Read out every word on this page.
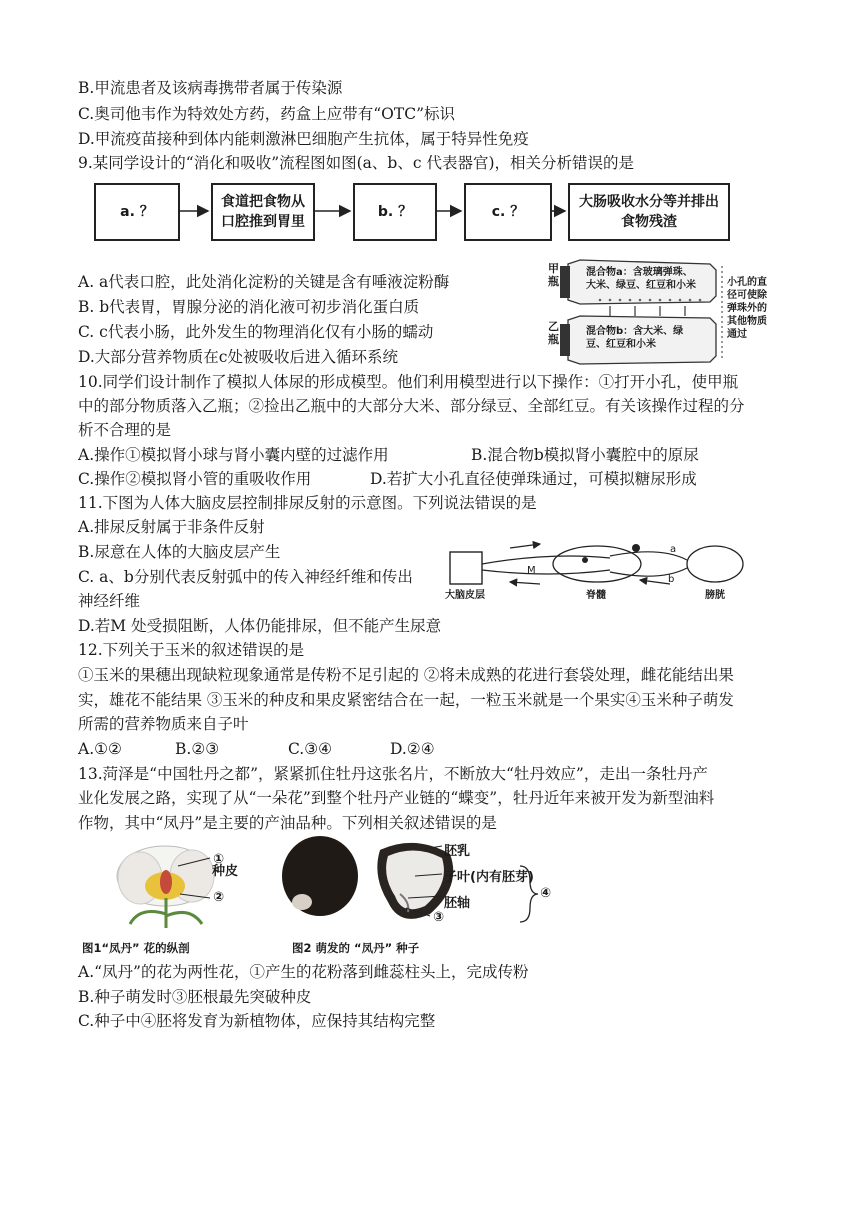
B.甲流患者及该病毒携带者属于传染源
C.奥司他韦作为特效处方药，药盒上应带有“OTC”标识
D.甲流疫苗接种到体内能刺激淋巴细胞产生抗体，属于特异性免疫
9.某同学设计的“消化和吸收”流程图如图(a、b、c 代表器官)，相关分析错误的是
a. ？
食道把食物从
口腔推到胃里
b. ？	c. ？
大肠吸收水分等并排出
食物残渣
A. a代表口腔，此处消化淀粉的关键是含有唾液淀粉酶
B. b代表胃，胃腺分泌的消化液可初步消化蛋白质
C. c代表小肠，此外发生的物理消化仅有小肠的蠕动
D.大部分营养物质在c处被吸收后进入循环系统
甲瓶
乙瓶
混合物a：含玻璃弹珠、
大米、绿豆、红豆和小米
混合物b：含大米、绿
豆、红豆和小米
小孔的直
径可使除
弹珠外的
其他物质
通过
10.同学们设计制作了模拟人体尿的形成模型。他们利用模型进行以下操作：①打开小孔，使甲瓶
中的部分物质落入乙瓶；②捡出乙瓶中的大部分大米、部分绿豆、全部红豆。有关该操作过程的分
析不合理的是
A.操作①模拟肾小球与肾小囊内壁的过滤作用	B.混合物b模拟肾小囊腔中的原尿
C.操作②模拟肾小管的重吸收作用	D.若扩大小孔直径使弹珠通过，可模拟糖尿形成
11.下图为人体大脑皮层控制排尿反射的示意图。下列说法错误的是
A.排尿反射属于非条件反射
B.尿意在人体的大脑皮层产生
C. a、b分别代表反射弧中的传入神经纤维和传出
神经纤维
D.若M 处受损阻断，人体仍能排尿，但不能产生尿意
大脑皮层	脊髓	膀胱
M
a
b
12.下列关于玉米的叙述错误的是
①玉米的果穗出现缺粒现象通常是传粉不足引起的 ②将未成熟的花进行套袋处理，雌花能结出果
实，雄花不能结果 ③玉米的种皮和果皮紧密结合在一起，一粒玉米就是一个果实④玉米种子萌发
所需的营养物质来自子叶
A.①②	B.②③	C.③④	D.②④
13.菏泽是“中国牡丹之都”，紧紧抓住牡丹这张名片，不断放大“牡丹效应”，走出一条牡丹产
业化发展之路，实现了从“一朵花”到整个牡丹产业链的“蝶变”，牡丹近年来被开发为新型油料
作物，其中“凤丹”是主要的产油品种。下列相关叙述错误的是
种皮
①
②
胚乳
子叶(内有胚芽)
胚轴
③
④
图1“凤丹” 花的纵剖	图2 萌发的 “凤丹” 种子
A.“凤丹”的花为两性花，①产生的花粉落到雌蕊柱头上，完成传粉
B.种子萌发时③胚根最先突破种皮
C.种子中④胚将发育为新植物体，应保持其结构完整
